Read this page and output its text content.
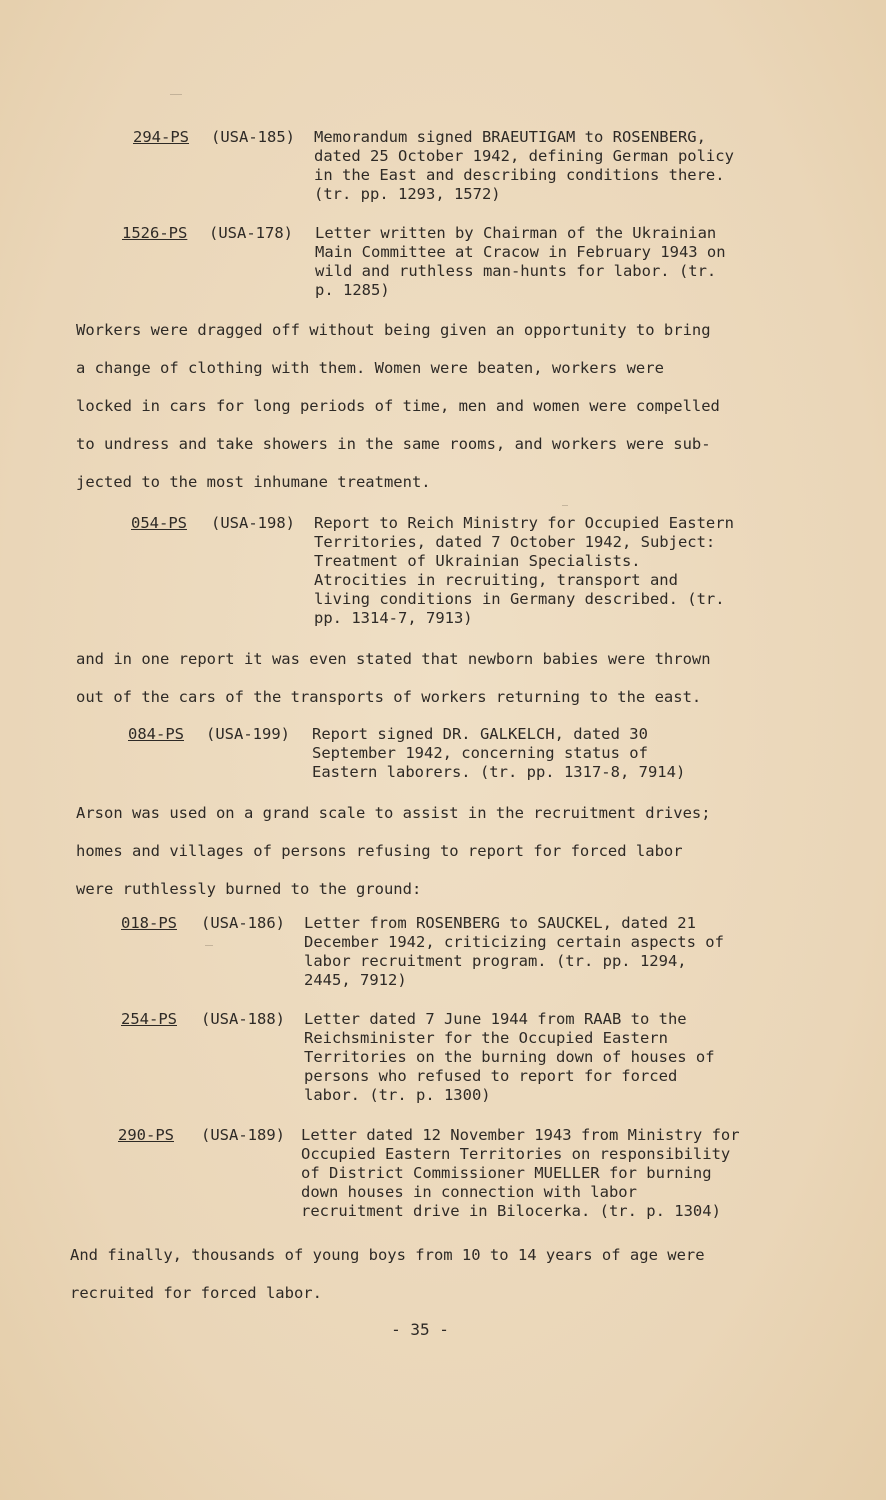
294-PS	(USA-185)	Memorandum signed BRAEUTIGAM to ROSENBERG, dated 25 October 1942, defining German policy in the East and describing conditions there. (tr. pp. 1293, 1572)
1526-PS	(USA-178)	Letter written by Chairman of the Ukrainian Main Committee at Cracow in February 1943 on wild and ruthless man-hunts for labor. (tr. p. 1285)
Workers were dragged off without being given an opportunity to bring
a change of clothing with them. Women were beaten, workers were
locked in cars for long periods of time, men and women were compelled
to undress and take showers in the same rooms, and workers were sub-
jected to the most inhumane treatment.
054-PS	(USA-198)	Report to Reich Ministry for Occupied Eastern Territories, dated 7 October 1942, Subject: Treatment of Ukrainian Specialists. Atrocities in recruiting, transport and living conditions in Germany described. (tr. pp. 1314-7, 7913)
and in one report it was even stated that newborn babies were thrown
out of the cars of the transports of workers returning to the east.
084-PS	(USA-199)	Report signed DR. GALKELCH, dated 30 September 1942, concerning status of Eastern laborers. (tr. pp. 1317-8, 7914)
Arson was used on a grand scale to assist in the recruitment drives;
homes and villages of persons refusing to report for forced labor
were ruthlessly burned to the ground:
018-PS	(USA-186)	Letter from ROSENBERG to SAUCKEL, dated 21 December 1942, criticizing certain aspects of labor recruitment program. (tr. pp. 1294, 2445, 7912)
254-PS	(USA-188)	Letter dated 7 June 1944 from RAAB to the Reichsminister for the Occupied Eastern Territories on the burning down of houses of persons who refused to report for forced labor. (tr. p. 1300)
290-PS	(USA-189)	Letter dated 12 November 1943 from Ministry for Occupied Eastern Territories on responsibility of District Commissioner MUELLER for burning down houses in connection with labor recruitment drive in Bilocerka. (tr. p. 1304)
And finally, thousands of young boys from 10 to 14 years of age were
recruited for forced labor.
- 35 -
